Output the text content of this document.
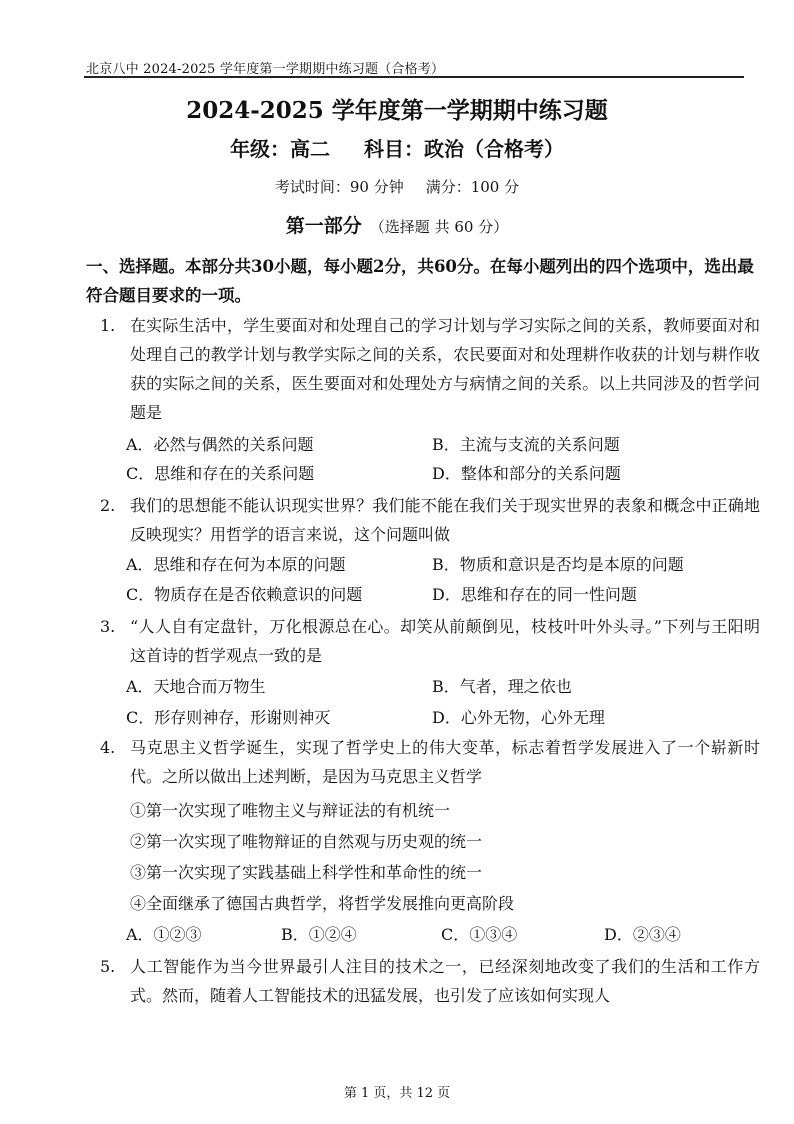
北京八中 2024-2025 学年度第一学期期中练习题（合格考）
2024-2025 学年度第一学期期中练习题
年级：高二 科目：政治（合格考）
考试时间：90 分钟 满分：100 分
第一部分 （选择题 共 60 分）
一、选择题。本部分共30小题，每小题2分，共60分。在每小题列出的四个选项中，选出最符合题目要求的一项。
1. 在实际生活中，学生要面对和处理自己的学习计划与学习实际之间的关系，教师要面对和处理自己的教学计划与教学实际之间的关系，农民要面对和处理耕作收获的计划与耕作收获的实际之间的关系，医生要面对和处理处方与病情之间的关系。以上共同涉及的哲学问题是
A．必然与偶然的关系问题	B．主流与支流的关系问题
C．思维和存在的关系问题	D．整体和部分的关系问题
2. 我们的思想能不能认识现实世界？我们能不能在我们关于现实世界的表象和概念中正确地反映现实？用哲学的语言来说，这个问题叫做
A．思维和存在何为本原的问题	B．物质和意识是否均是本原的问题
C．物质存在是否依赖意识的问题	D．思维和存在的同一性问题
3. “人人自有定盘针，万化根源总在心。却笑从前颠倒见，枝枝叶叶外头寻。”下列与王阳明这首诗的哲学观点一致的是
A．天地合而万物生	B．气者，理之依也
C．形存则神存，形谢则神灭	D．心外无物，心外无理
4. 马克思主义哲学诞生，实现了哲学史上的伟大变革，标志着哲学发展进入了一个崭新时代。之所以做出上述判断，是因为马克思主义哲学
①第一次实现了唯物主义与辩证法的有机统一
②第一次实现了唯物辩证的自然观与历史观的统一
③第一次实现了实践基础上科学性和革命性的统一
④全面继承了德国古典哲学，将哲学发展推向更高阶段
A．①②③	B．①②④	C．①③④	D．②③④
5. 人工智能作为当今世界最引人注目的技术之一，已经深刻地改变了我们的生活和工作方式。然而，随着人工智能技术的迅猛发展，也引发了应该如何实现人
第 1 页，共 12 页
